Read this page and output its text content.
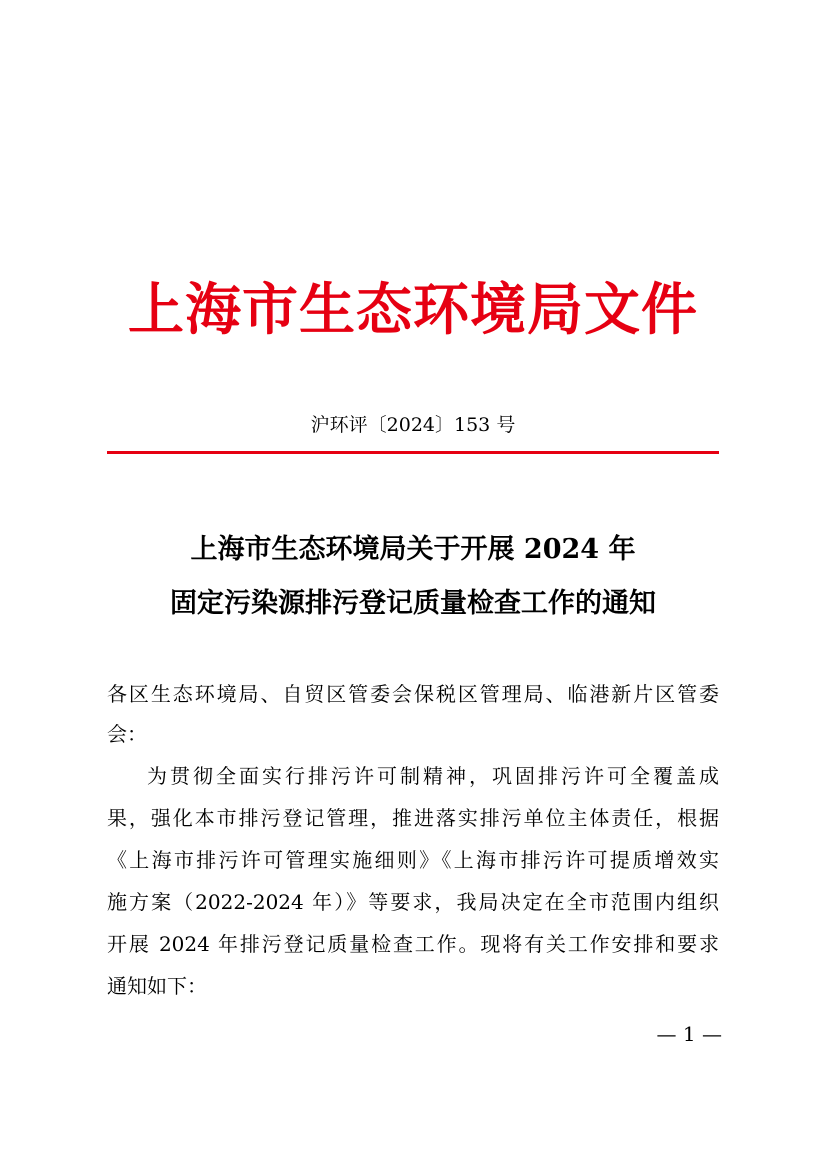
上海市生态环境局文件
沪环评〔2024〕153 号
上海市生态环境局关于开展 2024 年
固定污染源排污登记质量检查工作的通知
各区生态环境局、自贸区管委会保税区管理局、临港新片区管委
会：
为贯彻全面实行排污许可制精神，巩固排污许可全覆盖成
果，强化本市排污登记管理，推进落实排污单位主体责任，根据
《上海市排污许可管理实施细则》《上海市排污许可提质增效实
施方案（2022-2024 年）》等要求，我局决定在全市范围内组织
开展 2024 年排污登记质量检查工作。现将有关工作安排和要求
通知如下：
— 1 —
